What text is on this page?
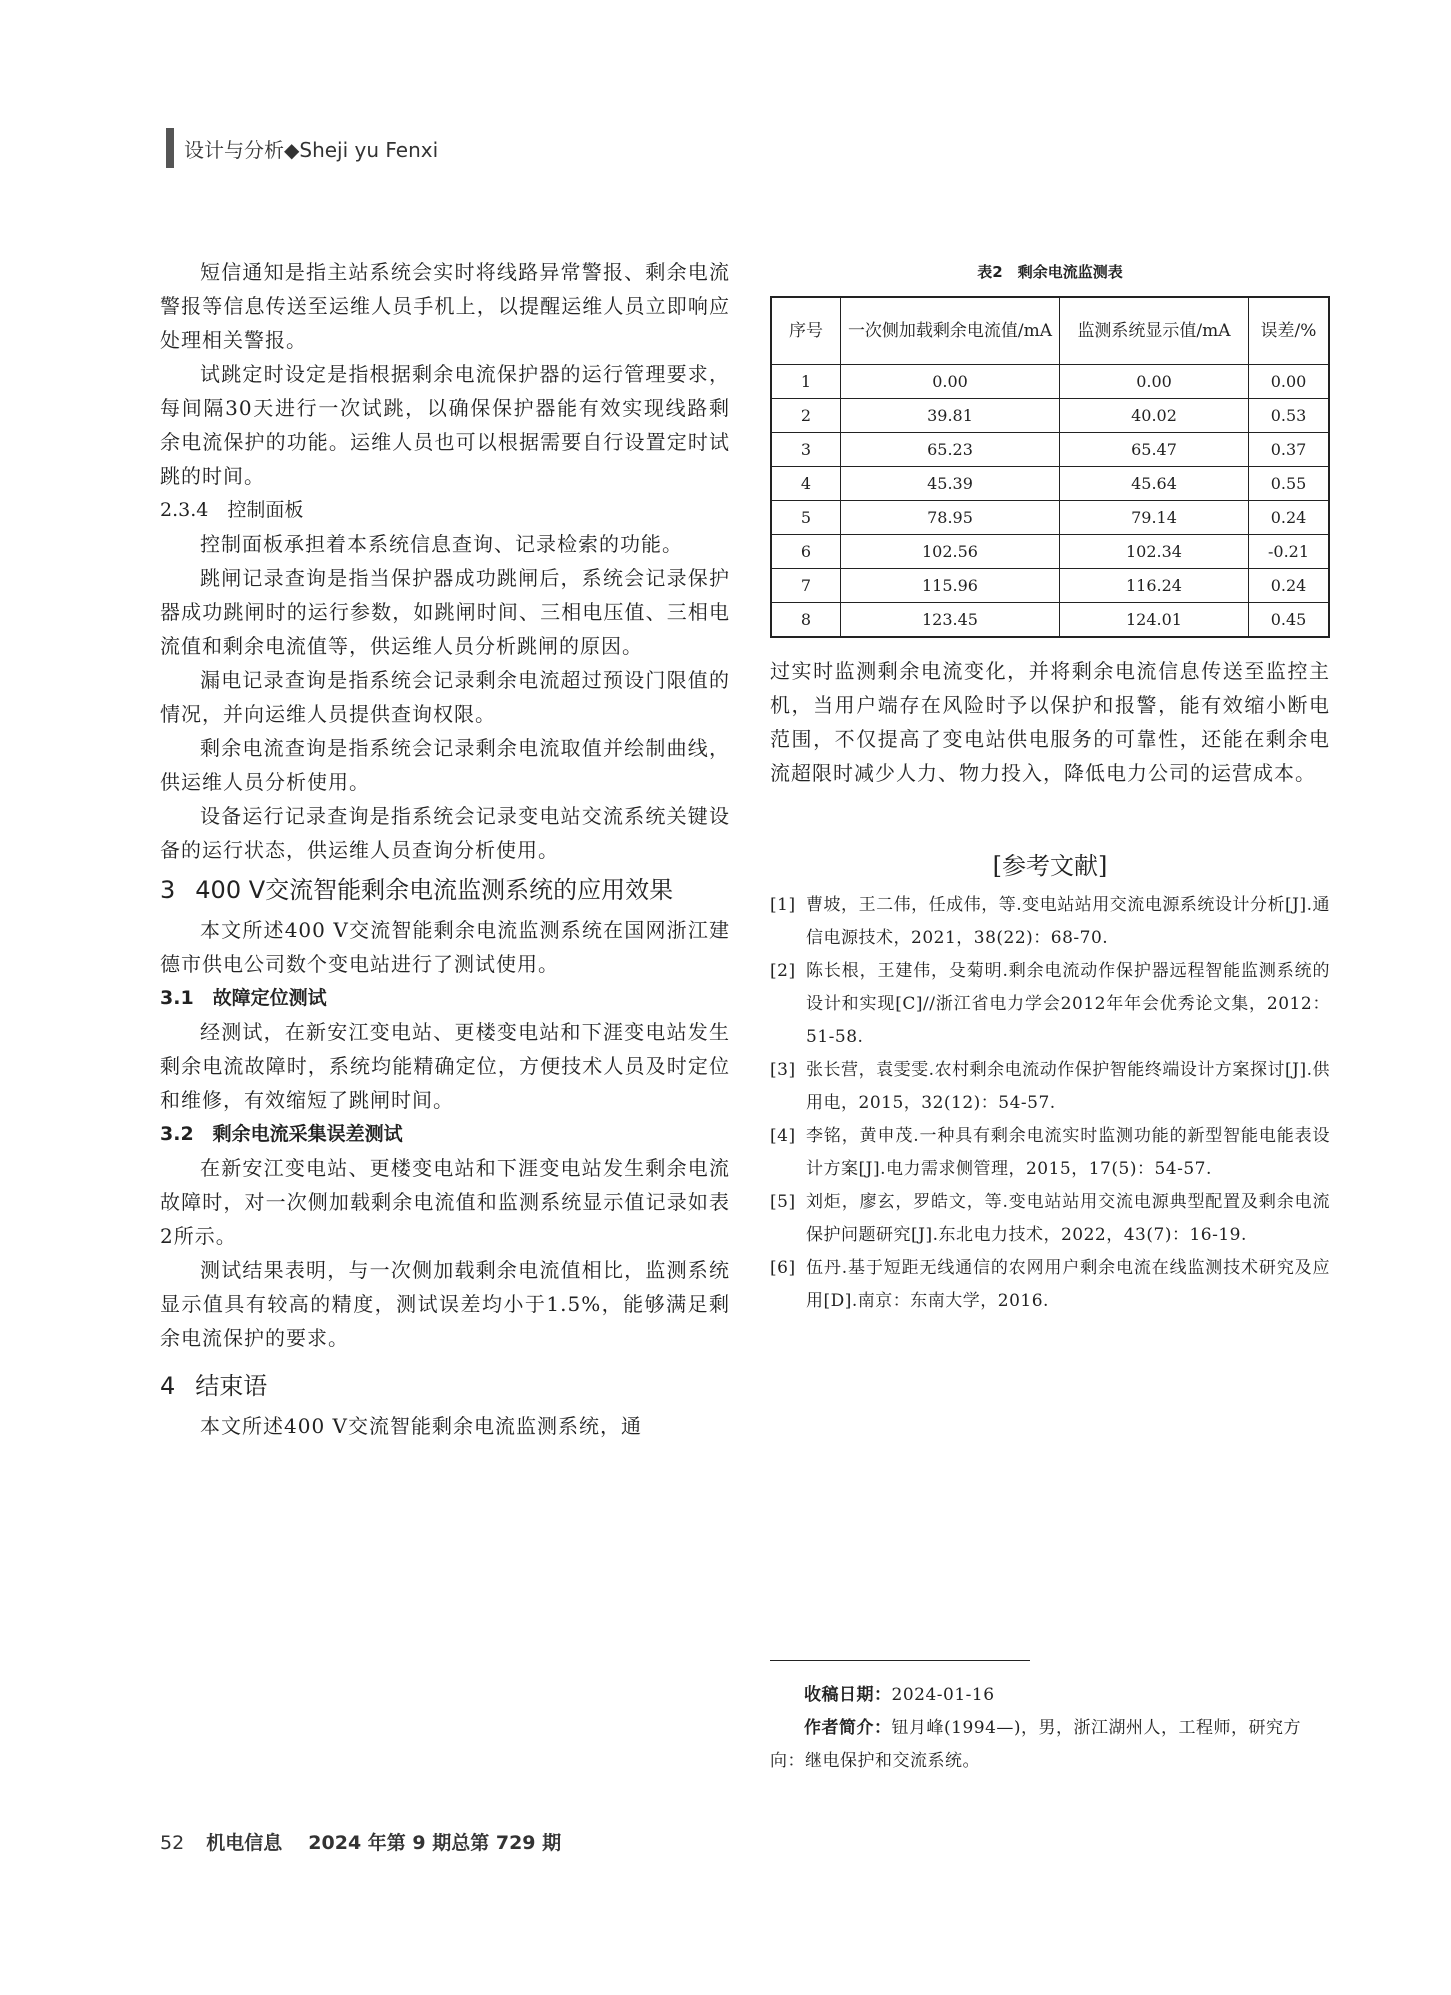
设计与分析◆Sheji yu Fenxi

短信通知是指主站系统会实时将线路异常警报、剩余电流警报等信息传送至运维人员手机上，以提醒运维人员立即响应处理相关警报。

试跳定时设定是指根据剩余电流保护器的运行管理要求，每间隔30天进行一次试跳，以确保保护器能有效实现线路剩余电流保护的功能。运维人员也可以根据需要自行设置定时试跳的时间。

2.3.4　控制面板

控制面板承担着本系统信息查询、记录检索的功能。

跳闸记录查询是指当保护器成功跳闸后，系统会记录保护器成功跳闸时的运行参数，如跳闸时间、三相电压值、三相电流值和剩余电流值等，供运维人员分析跳闸的原因。

漏电记录查询是指系统会记录剩余电流超过预设门限值的情况，并向运维人员提供查询权限。

剩余电流查询是指系统会记录剩余电流取值并绘制曲线，供运维人员分析使用。

设备运行记录查询是指系统会记录变电站交流系统关键设备的运行状态，供运维人员查询分析使用。

3 400 V交流智能剩余电流监测系统的应用效果

本文所述400 V交流智能剩余电流监测系统在国网浙江建德市供电公司数个变电站进行了测试使用。

3.1　故障定位测试

经测试，在新安江变电站、更楼变电站和下涯变电站发生剩余电流故障时，系统均能精确定位，方便技术人员及时定位和维修，有效缩短了跳闸时间。

3.2　剩余电流采集误差测试

在新安江变电站、更楼变电站和下涯变电站发生剩余电流故障时，对一次侧加载剩余电流值和监测系统显示值记录如表2所示。

测试结果表明，与一次侧加载剩余电流值相比，监测系统显示值具有较高的精度，测试误差均小于1.5%，能够满足剩余电流保护的要求。

4 结束语

本文所述400 V交流智能剩余电流监测系统，通

表2　剩余电流监测表
序号	一次侧加载剩余电流值/mA	监测系统显示值/mA	误差/%
1	0.00	0.00	0.00
2	39.81	40.02	0.53
3	65.23	65.47	0.37
4	45.39	45.64	0.55
5	78.95	79.14	0.24
6	102.56	102.34	-0.21
7	115.96	116.24	0.24
8	123.45	124.01	0.45

过实时监测剩余电流变化，并将剩余电流信息传送至监控主机，当用户端存在风险时予以保护和报警，能有效缩小断电范围，不仅提高了变电站供电服务的可靠性，还能在剩余电流超限时减少人力、物力投入，降低电力公司的运营成本。

[参考文献]
[1] 曹坡，王二伟，任成伟，等.变电站站用交流电源系统设计分析[J].通信电源技术，2021，38(22)：68-70.
[2] 陈长根，王建伟，殳菊明.剩余电流动作保护器远程智能监测系统的设计和实现[C]//浙江省电力学会2012年年会优秀论文集，2012：51-58.
[3] 张长营，袁雯雯.农村剩余电流动作保护智能终端设计方案探讨[J].供用电，2015，32(12)：54-57.
[4] 李铭，黄申茂.一种具有剩余电流实时监测功能的新型智能电能表设计方案[J].电力需求侧管理，2015，17(5)：54-57.
[5] 刘炬，廖玄，罗皓文，等.变电站站用交流电源典型配置及剩余电流保护问题研究[J].东北电力技术，2022，43(7)：16-19.
[6] 伍丹.基于短距无线通信的农网用户剩余电流在线监测技术研究及应用[D].南京：东南大学，2016.
收稿日期：2024-01-16
作者简介：钮月峰(1994—)，男，浙江湖州人，工程师，研究方向：继电保护和交流系统。
52 机电信息 2024 年第 9 期总第 729 期
